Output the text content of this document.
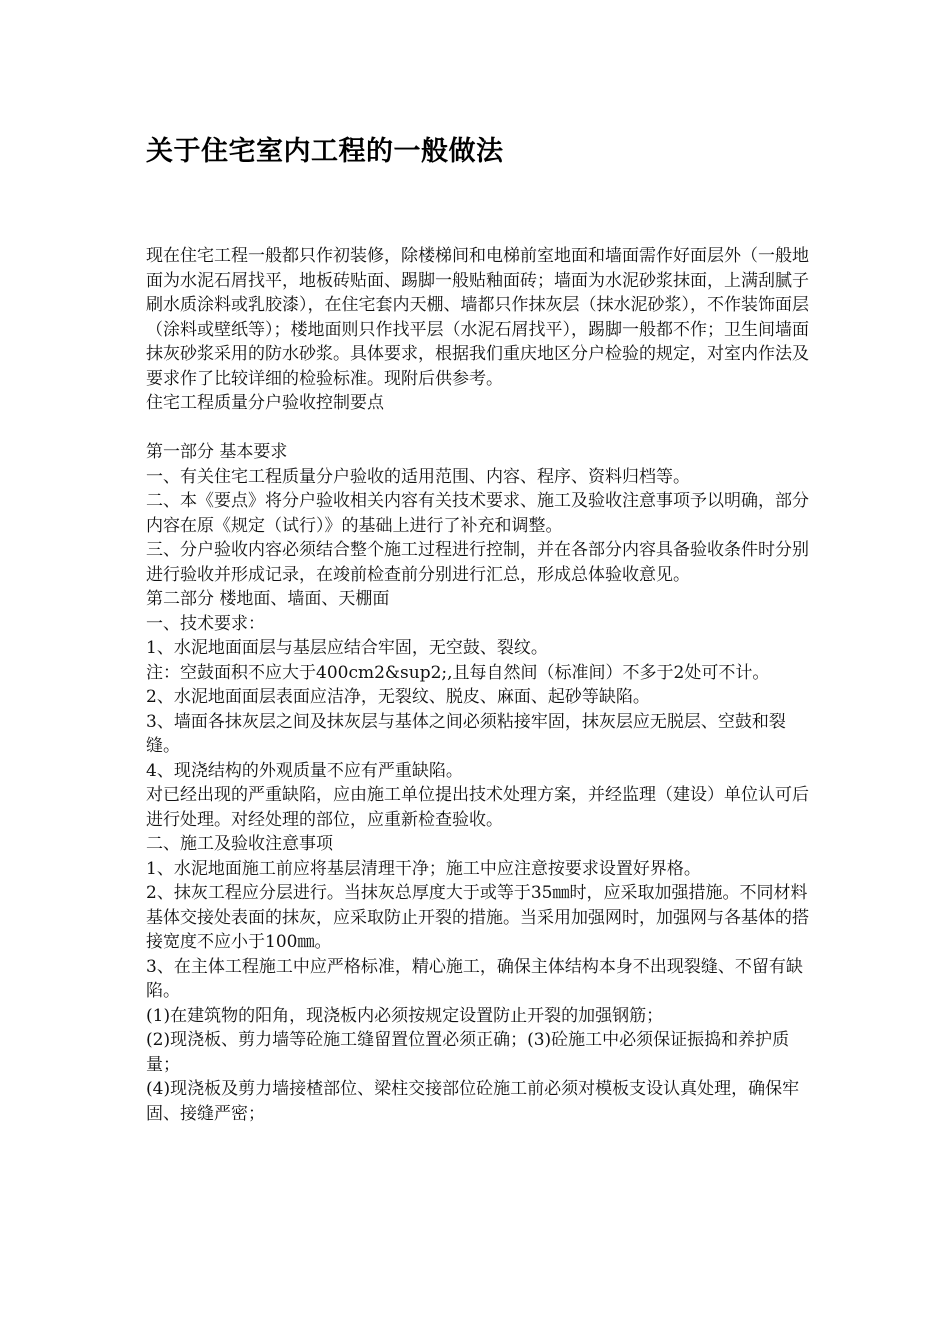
关于住宅室内工程的一般做法

现在住宅工程一般都只作初装修，除楼梯间和电梯前室地面和墙面需作好面层外（一般地面为水泥石屑找平，地板砖贴面、踢脚一般贴釉面砖；墙面为水泥砂浆抹面，上满刮腻子刷水质涂料或乳胶漆），在住宅套内天棚、墙都只作抹灰层（抹水泥砂浆），不作装饰面层（涂料或壁纸等）；楼地面则只作找平层（水泥石屑找平），踢脚一般都不作；卫生间墙面抹灰砂浆采用的防水砂浆。具体要求，根据我们重庆地区分户检验的规定，对室内作法及要求作了比较详细的检验标准。现附后供参考。

住宅工程质量分户验收控制要点

第一部分 基本要求

一、有关住宅工程质量分户验收的适用范围、内容、程序、资料归档等。

二、本《要点》将分户验收相关内容有关技术要求、施工及验收注意事项予以明确，部分内容在原《规定（试行）》的基础上进行了补充和调整。

三、分户验收内容必须结合整个施工过程进行控制，并在各部分内容具备验收条件时分别进行验收并形成记录，在竣前检查前分别进行汇总，形成总体验收意见。

第二部分 楼地面、墙面、天棚面

一、技术要求：

1、水泥地面面层与基层应结合牢固，无空鼓、裂纹。

注：空鼓面积不应大于400cm2&sup2;,且每自然间（标准间）不多于2处可不计。

2、水泥地面面层表面应洁净，无裂纹、脱皮、麻面、起砂等缺陷。

3、墙面各抹灰层之间及抹灰层与基体之间必须粘接牢固，抹灰层应无脱层、空鼓和裂缝。

4、现浇结构的外观质量不应有严重缺陷。

对已经出现的严重缺陷，应由施工单位提出技术处理方案，并经监理（建设）单位认可后进行处理。对经处理的部位，应重新检查验收。

二、施工及验收注意事项

1、水泥地面施工前应将基层清理干净；施工中应注意按要求设置好界格。

2、抹灰工程应分层进行。当抹灰总厚度大于或等于35㎜时，应采取加强措施。不同材料基体交接处表面的抹灰，应采取防止开裂的措施。当采用加强网时，加强网与各基体的搭接宽度不应小于100㎜。

3、在主体工程施工中应严格标准，精心施工，确保主体结构本身不出现裂缝、不留有缺陷。

(1)在建筑物的阳角，现浇板内必须按规定设置防止开裂的加强钢筋；

(2)现浇板、剪力墙等砼施工缝留置位置必须正确；(3)砼施工中必须保证振捣和养护质量；

(4)现浇板及剪力墙接楂部位、梁柱交接部位砼施工前必须对模板支设认真处理，确保牢固、接缝严密；
